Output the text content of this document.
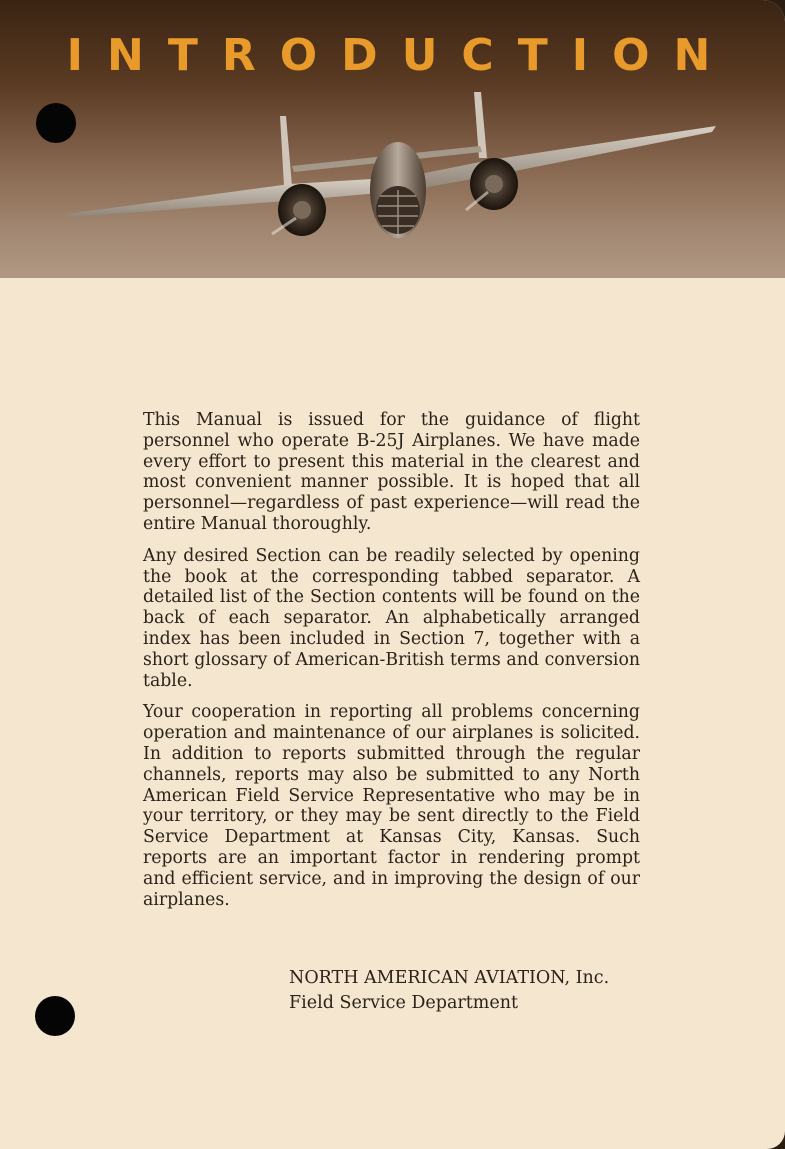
INTRODUCTION

This Manual is issued for the guidance of flight personnel who operate B-25J Airplanes. We have made every effort to present this material in the clearest and most convenient manner possible. It is hoped that all personnel—regardless of past experience—will read the entire Manual thoroughly.

Any desired Section can be readily selected by opening the book at the corresponding tabbed separator. A detailed list of the Section contents will be found on the back of each separator. An alphabetically arranged index has been included in Section 7, together with a short glossary of American-British terms and conversion table.

Your cooperation in reporting all problems concerning operation and maintenance of our airplanes is solicited. In addition to reports submitted through the regular channels, reports may also be submitted to any North American Field Service Representative who may be in your territory, or they may be sent directly to the Field Service Department at Kansas City, Kansas. Such reports are an important factor in rendering prompt and efficient service, and in improving the design of our airplanes.

NORTH AMERICAN AVIATION, Inc.
Field Service Department
